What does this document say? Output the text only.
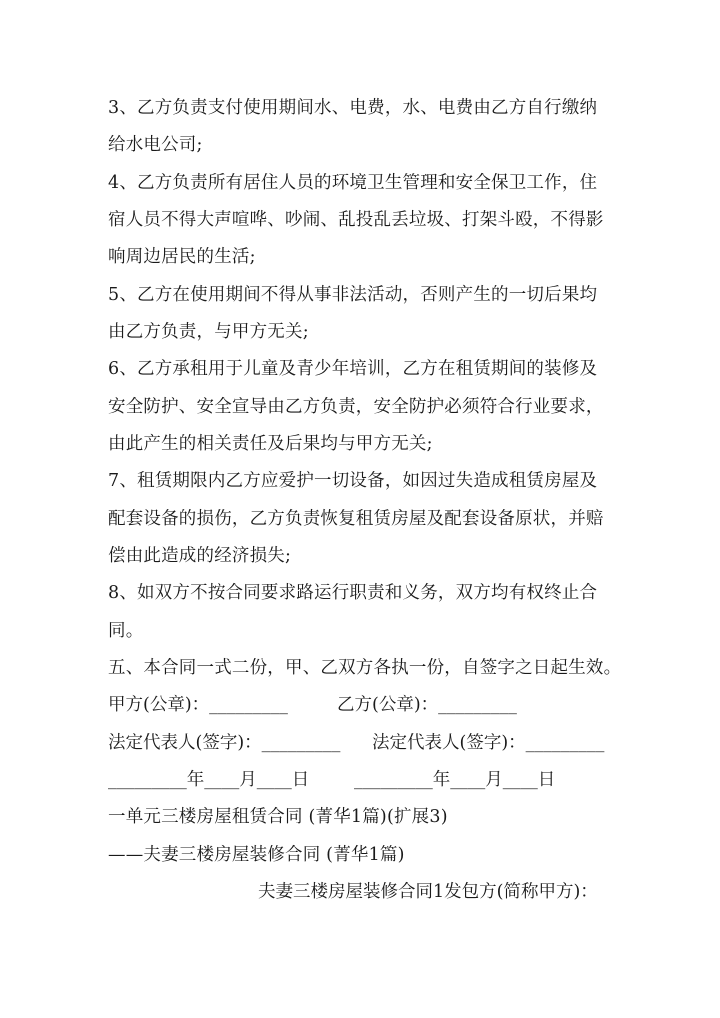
3、乙方负责支付使用期间水、电费，水、电费由乙方自行缴纳
给水电公司;
4、乙方负责所有居住人员的环境卫生管理和安全保卫工作，住
宿人员不得大声喧哗、吵闹、乱投乱丢垃圾、打架斗殴，不得影
响周边居民的生活;
5、乙方在使用期间不得从事非法活动，否则产生的一切后果均
由乙方负责，与甲方无关;
6、乙方承租用于儿童及青少年培训，乙方在租赁期间的装修及
安全防护、安全宣导由乙方负责，安全防护必须符合行业要求，
由此产生的相关责任及后果均与甲方无关;
7、租赁期限内乙方应爱护一切设备，如因过失造成租赁房屋及
配套设备的损伤，乙方负责恢复租赁房屋及配套设备原状，并赔
偿由此造成的经济损失;
8、如双方不按合同要求路运行职责和义务，双方均有权终止合
同。
五、本合同一式二份，甲、乙双方各执一份，自签字之日起生效。
甲方(公章)：_________	乙方(公章)：_________
法定代表人(签字)：_________ 法定代表人(签字)：_________
_________年____月____日	_________年____月____日
一单元三楼房屋租赁合同 (菁华1篇)(扩展3)
——夫妻三楼房屋装修合同 (菁华1篇)
夫妻三楼房屋装修合同1发包方(简称甲方)：
